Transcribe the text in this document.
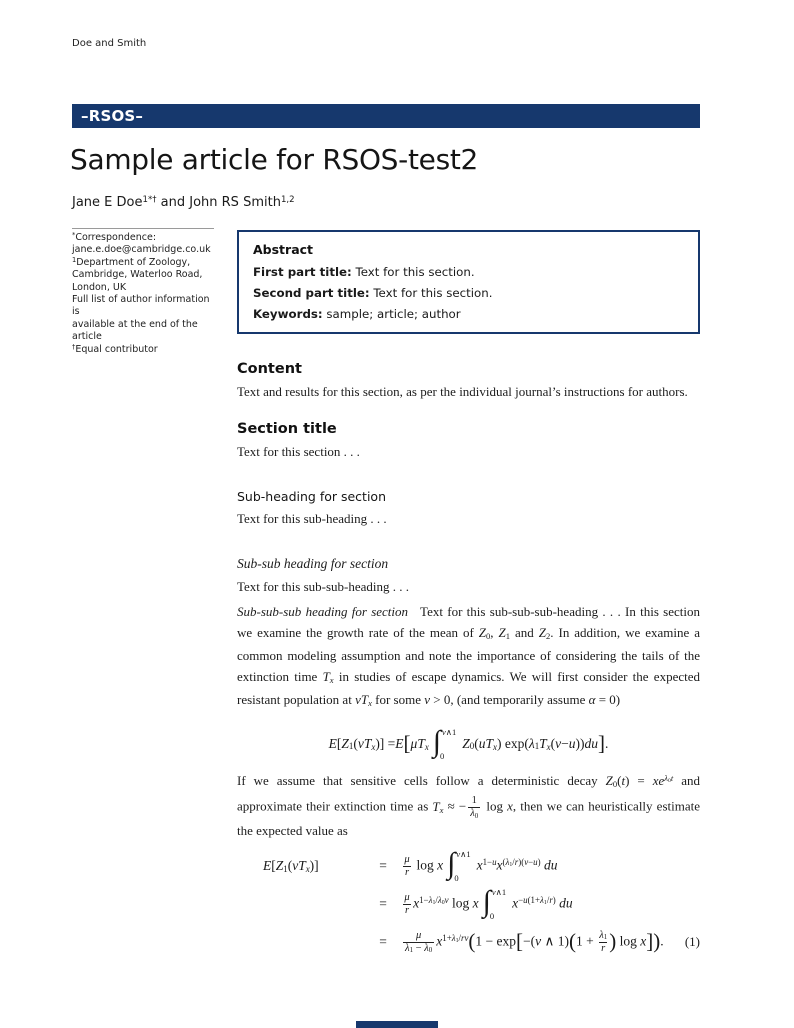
Doe and Smith
–RSOS–
Sample article for RSOS-test2
Jane E Doe$^{1*\dagger}$ and John RS Smith$^{1,2}$
*Correspondence:
jane.e.doe@cambridge.co.uk
$^1$Department of Zoology,
Cambridge, Waterloo Road,
London, UK
Full list of author information is
available at the end of the article
†Equal contributor
Abstract

First part title: Text for this section.

Second part title: Text for this section.

Keywords: sample; article; author

Content

Text and results for this section, as per the individual journal’s instructions for authors.

Section title

Text for this section . . .

Sub-heading for section

Text for this sub-heading . . .

Sub-sub heading for section

Text for this sub-sub-heading . . .

Sub-sub-sub heading for section Text for this sub-sub-sub-heading . . . In this section we examine the growth rate of the mean of $Z_0$, $Z_1$ and $Z_2$. In addition, we examine a common modeling assumption and note the importance of considering the tails of the extinction time $T_x$ in studies of escape dynamics. We will first consider the expected resistant population at $vT_x$ for some v > 0, (and temporarily assume α = 0)

E [ $Z_1$ ( $vT_x$ )] = E [ $\mu T_x$ ∫ v∧1
0
$Z_0$ ( $uT_x$ ) exp( $\lambda_1$ $T_x$ ( v − u )) du ] .

If we assume that sensitive cells follow a deterministic decay $Z_0(t) = xe^{\lambda_0t}$ and approximate their extinction time as $T_x$ ≈ − $\frac{1}{\lambda_0}$ log x, then we can heuristically estimate the expected value as

$E[Z_1(vT_x)]$	=	$\frac{\mu}{r}$ log x ∫ v∧1
0
$x^{1-u}x^{(\lambda_1/r)(v-u)}$ du
=	$\frac{\mu}{r} x^{1-\lambda_1/\lambda_0v}$ log x ∫ v∧1
0
$x^{-u(1+\lambda_1/r)}$ du
=	$\frac{\mu}{\lambda_1 - \lambda_0} x^{1+\lambda_1/rv}(1 - \exp[-(v$ ∧ $1)(1 + \frac{\lambda_1}{r}$ ) log x]).	(1)
